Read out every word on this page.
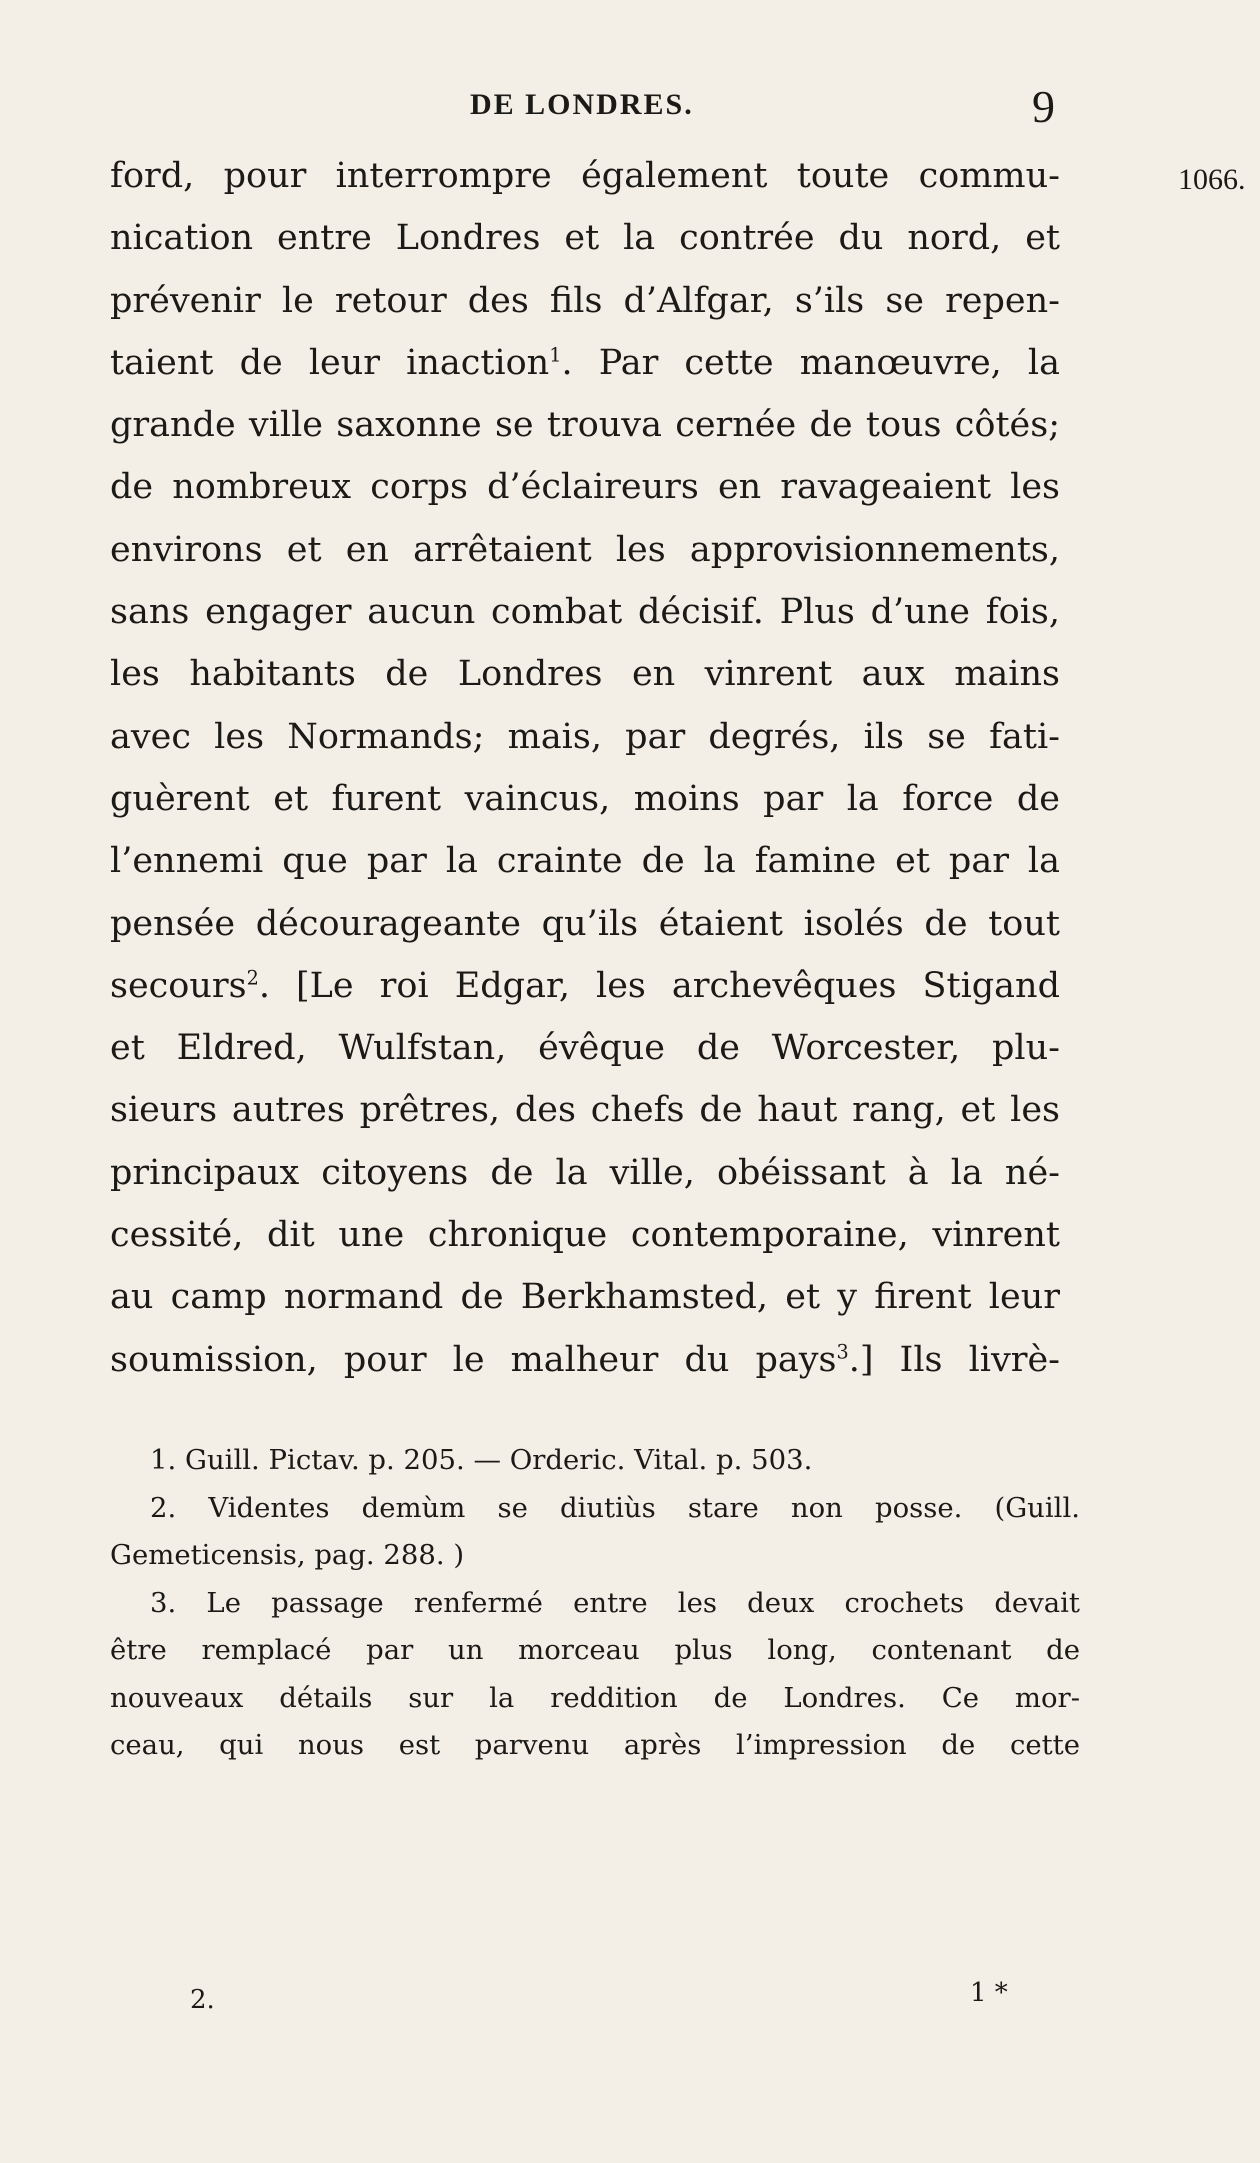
DE LONDRES.	9
1066.
ford, pour interrompre également toute commu-
nication entre Londres et la contrée du nord, et
prévenir le retour des fils d’Alfgar, s’ils se repen-
taient de leur inaction$^1$. Par cette manœuvre, la
grande ville saxonne se trouva cernée de tous côtés;
de nombreux corps d’éclaireurs en ravageaient les
environs et en arrêtaient les approvisionnements,
sans engager aucun combat décisif. Plus d’une fois,
les habitants de Londres en vinrent aux mains
avec les Normands; mais, par degrés, ils se fati-
guèrent et furent vaincus, moins par la force de
l’ennemi que par la crainte de la famine et par la
pensée décourageante qu’ils étaient isolés de tout
secours$^2$. [Le roi Edgar, les archevêques Stigand
et Eldred, Wulfstan, évêque de Worcester, plu-
sieurs autres prêtres, des chefs de haut rang, et les
principaux citoyens de la ville, obéissant à la né-
cessité, dit une chronique contemporaine, vinrent
au camp normand de Berkhamsted, et y firent leur
soumission, pour le malheur du pays$^3$.] Ils livrè-
1. Guill. Pictav. p. 205. — Orderic. Vital. p. 503.
2. Videntes demùm se diutiùs stare non posse. (Guill.
Gemeticensis, pag. 288. )
3. Le passage renfermé entre les deux crochets devait
être remplacé par un morceau plus long, contenant de
nouveaux détails sur la reddition de Londres. Ce mor-
ceau, qui nous est parvenu après l’impression de cette
2.	1 *
